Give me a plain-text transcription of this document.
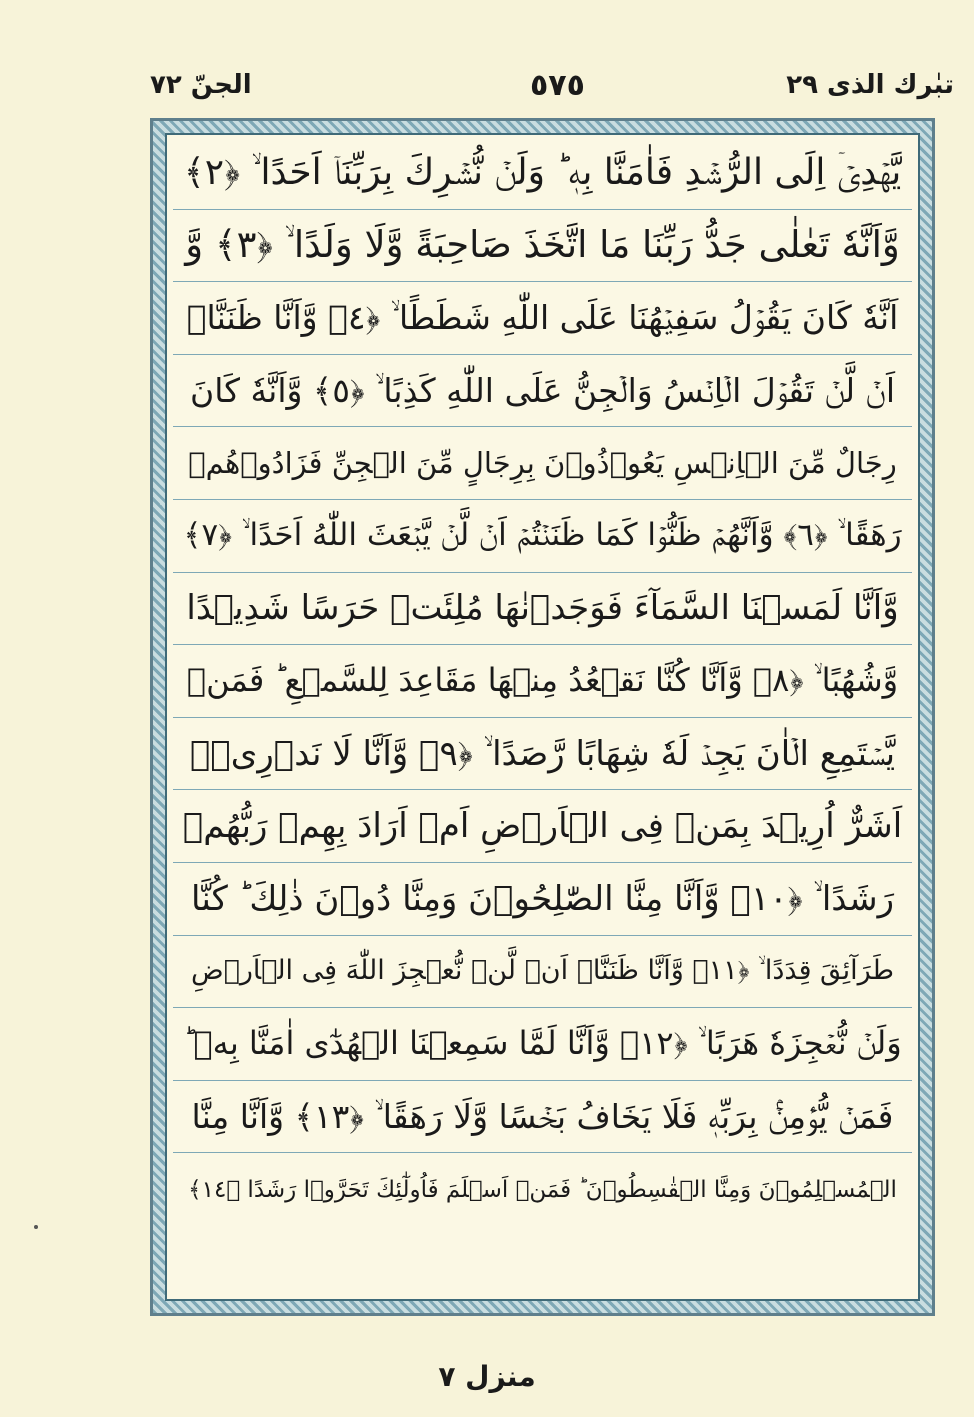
الجنّ ٧٢	٥٧٥	تبٰرك الذى ٢٩
يَّهۡدِىۡۤ اِلَى الرُّشۡدِ فَاٰمَنَّا بِهٖ ؕ وَلَنۡ نُّشۡرِكَ بِرَبِّنَاۤ اَحَدًا ۙ‏ ﴿٢﴾
وَّاَنَّهٗ تَعٰلٰى جَدُّ رَبِّنَا مَا اتَّخَذَ صَاحِبَةً وَّلَا وَلَدًا ۙ‏ ﴿٣﴾ وَّ
اَنَّهٗ كَانَ يَقُوۡلُ سَفِيۡهُنَا عَلَى اللّٰهِ شَطَطًا ۙ‏ ﴿٤﴾ وَّاَنَّا ظَنَنَّاۤ
اَنۡ لَّنۡ تَقُوۡلَ الۡاِنۡسُ وَالۡجِنُّ عَلَى اللّٰهِ كَذِبًا ۙ‏ ﴿٥﴾ وَّاَنَّهٗ كَانَ
رِجَالٌ مِّنَ الۡاِنۡسِ يَعُوۡذُوۡنَ بِرِجَالٍ مِّنَ الۡجِنِّ فَزَادُوۡهُمۡ
رَهَقًا ۙ‏ ﴿٦﴾ وَّاَنَّهُمۡ ظَنُّوۡا كَمَا ظَنَنۡتُمۡ اَنۡ لَّنۡ يَّبۡعَثَ اللّٰهُ اَحَدًا ۙ‏ ﴿٧﴾
وَّاَنَّا لَمَسۡنَا السَّمَآءَ فَوَجَدۡنٰهَا مُلِئَتۡ حَرَسًا شَدِيۡدًا
وَّشُهُبًا ۙ‏ ﴿٨﴾ وَّاَنَّا كُنَّا نَقۡعُدُ مِنۡهَا مَقَاعِدَ لِلسَّمۡعِ ؕ فَمَنۡ
يَّسۡتَمِعِ الۡاٰنَ يَجِدۡ لَهٗ شِهَابًا رَّصَدًا ۙ‏ ﴿٩﴾ وَّاَنَّا لَا نَدۡرِىۡۤ
اَشَرٌّ اُرِيۡدَ بِمَنۡ فِى الۡاَرۡضِ اَمۡ اَرَادَ بِهِمۡ رَبُّهُمۡ
رَشَدًا ۙ‏ ﴿١٠﴾ وَّاَنَّا مِنَّا الصّٰلِحُوۡنَ وَمِنَّا دُوۡنَ ذٰلِكَ ؕ كُنَّا
طَرَآئِقَ قِدَدًا ۙ‏ ﴿١١﴾ وَّاَنَّا ظَنَنَّاۤ اَنۡ لَّنۡ نُّعۡجِزَ اللّٰهَ فِى الۡاَرۡضِ
وَلَنۡ نُّعۡجِزَهٗ هَرَبًا ۙ‏ ﴿١٢﴾ وَّاَنَّا لَمَّا سَمِعۡنَا الۡهُدٰٓى اٰمَنَّا بِهٖ ؕ
فَمَنۡ يُّؤۡمِنۡۢ بِرَبِّهٖ فَلَا يَخَافُ بَخۡسًا وَّلَا رَهَقًا ۙ‏ ﴿١٣﴾ وَّاَنَّا مِنَّا
الۡمُسۡلِمُوۡنَ وَمِنَّا الۡقٰسِطُوۡنَ ؕ فَمَنۡ اَسۡلَمَ فَاُولٰٓئِكَ تَحَرَّوۡا رَشَدًا ﴿١٤﴾
منزل ۷
